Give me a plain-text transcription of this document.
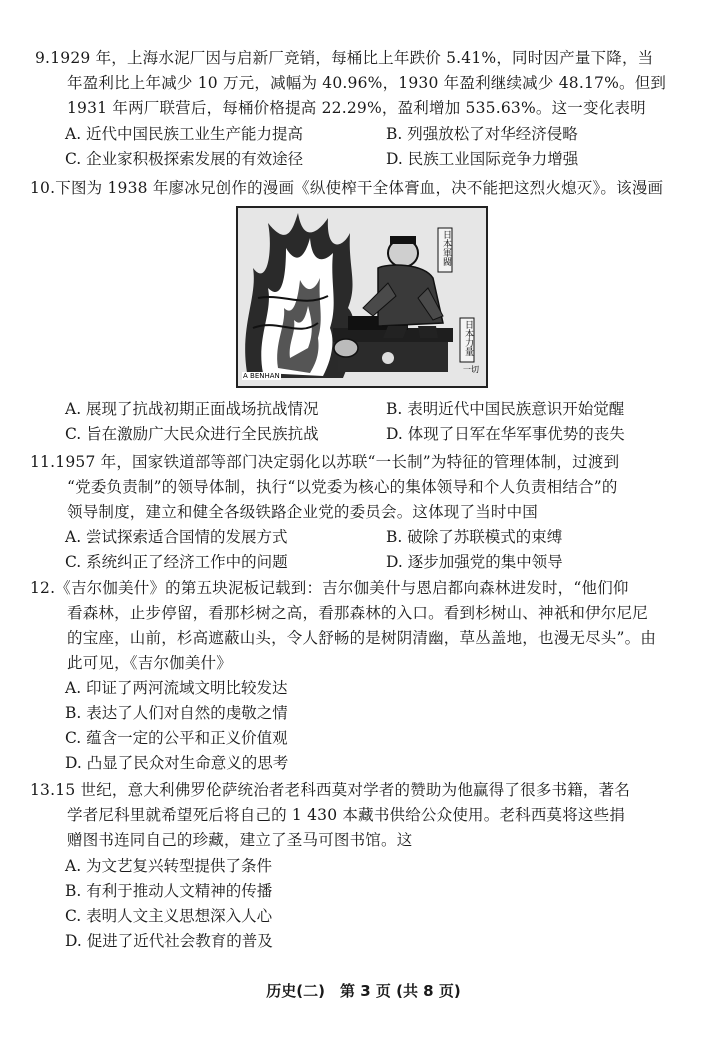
9.1929 年，上海水泥厂因与启新厂竞销，每桶比上年跌价 5.41%，同时因产量下降，当
年盈利比上年减少 10 万元，减幅为 40.96%，1930 年盈利继续减少 48.17%。但到
1931 年两厂联营后，每桶价格提高 22.29%，盈利增加 535.63%。这一变化表明
A. 近代中国民族工业生产能力提高	B. 列强放松了对华经济侵略
C. 企业家积极探索发展的有效途径	D. 民族工业国际竞争力增强
10.下图为 1938 年廖冰兄创作的漫画《纵使榨干全体膏血，决不能把这烈火熄灭》。该漫画
日本軍閥
日本力量
一切
A BENHAN
A. 展现了抗战初期正面战场抗战情况	B. 表明近代中国民族意识开始觉醒
C. 旨在激励广大民众进行全民族抗战	D. 体现了日军在华军事优势的丧失
11.1957 年，国家铁道部等部门决定弱化以苏联“一长制”为特征的管理体制，过渡到
“党委负责制”的领导体制，执行“以党委为核心的集体领导和个人负责相结合”的
领导制度，建立和健全各级铁路企业党的委员会。这体现了当时中国
A. 尝试探索适合国情的发展方式	B. 破除了苏联模式的束缚
C. 系统纠正了经济工作中的问题	D. 逐步加强党的集中领导
12.《吉尔伽美什》的第五块泥板记载到：吉尔伽美什与恩启都向森林进发时，“他们仰
看森林，止步停留，看那杉树之高，看那森林的入口。看到杉树山、神祇和伊尔尼尼
的宝座，山前，杉高遮蔽山头，令人舒畅的是树阴清幽，草丛盖地，也漫无尽头”。由
此可见，《吉尔伽美什》
A. 印证了两河流域文明比较发达
B. 表达了人们对自然的虔敬之情
C. 蕴含一定的公平和正义价值观
D. 凸显了民众对生命意义的思考
13.15 世纪，意大利佛罗伦萨统治者老科西莫对学者的赞助为他赢得了很多书籍，著名
学者尼科里就希望死后将自己的 1 430 本藏书供给公众使用。老科西莫将这些捐
赠图书连同自己的珍藏，建立了圣马可图书馆。这
A. 为文艺复兴转型提供了条件
B. 有利于推动人文精神的传播
C. 表明人文主义思想深入人心
D. 促进了近代社会教育的普及
历史(二)　第 3 页 (共 8 页)
